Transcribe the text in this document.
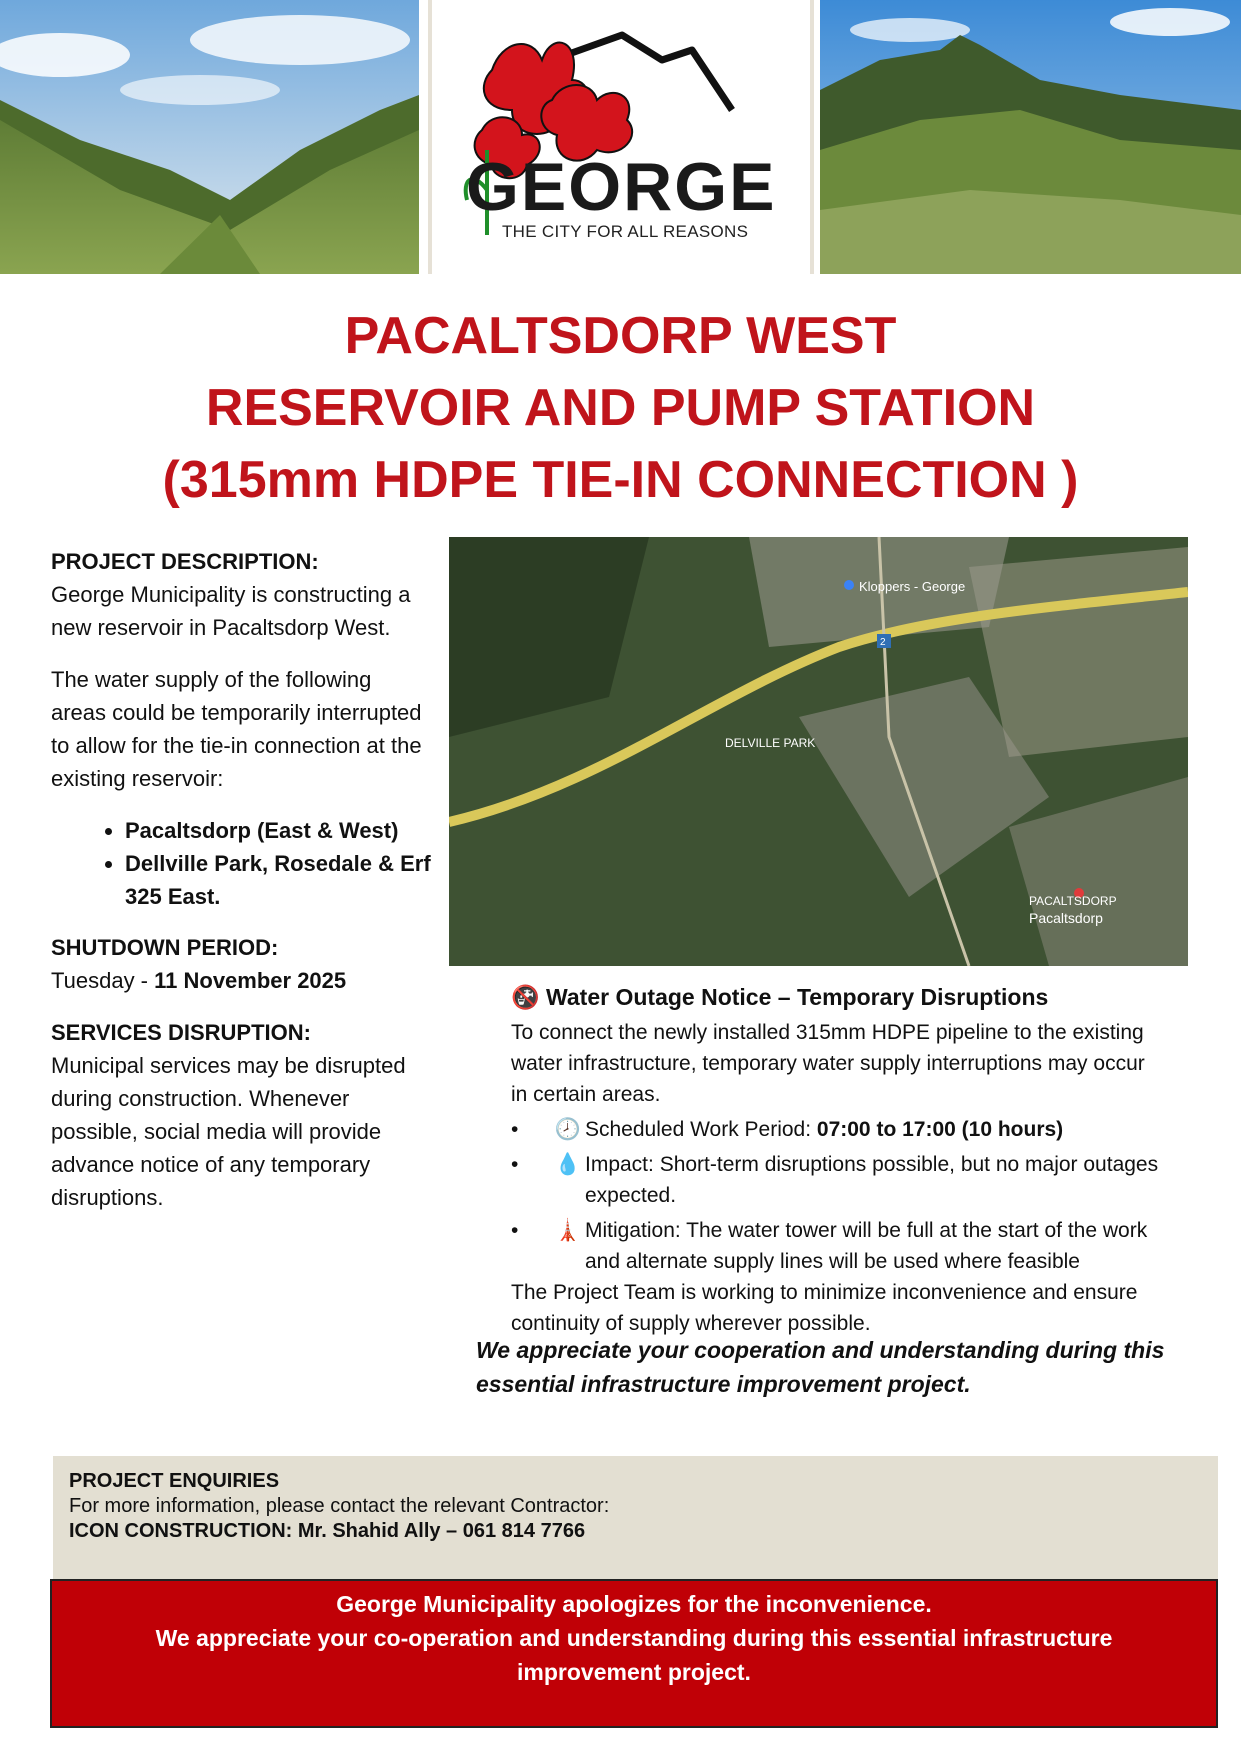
GEORGE
THE CITY FOR ALL REASONS
PACALTSDORP WEST
RESERVOIR AND PUMP STATION
(315mm HDPE TIE-IN CONNECTION )

PROJECT DESCRIPTION:
George Municipality is constructing a new reservoir in Pacaltsdorp West.

The water supply of the following areas could be temporarily interrupted to allow for the tie-in connection at the existing reservoir:

• Pacaltsdorp (East & West)
• Dellville Park, Rosedale & Erf 325 East.

SHUTDOWN PERIOD:
Tuesday - 11 November 2025

SERVICES DISRUPTION:
Municipal services may be disrupted during construction. Whenever possible, social media will provide advance notice of any temporary disruptions.

Kloppers - George
2
DELVILLE PARK
PACALTSDORP
Pacaltsdorp
🚱 Water Outage Notice – Temporary Disruptions

To connect the newly installed 315mm HDPE pipeline to the existing water infrastructure, temporary water supply interruptions may occur in certain areas.

•	🕗 Scheduled Work Period: 07:00 to 17:00 (10 hours)
•	💧 Impact: Short-term disruptions possible, but no major outages expected.
•	🗼 Mitigation: The water tower will be full at the start of the work and alternate supply lines will be used where feasible

The Project Team is working to minimize inconvenience and ensure continuity of supply wherever possible.

We appreciate your cooperation and understanding during this essential infrastructure improvement project.
PROJECT ENQUIRIES
For more information, please contact the relevant Contractor:
ICON CONSTRUCTION: Mr. Shahid Ally – 061 814 7766
George Municipality apologizes for the inconvenience.
We appreciate your co-operation and understanding during this essential infrastructure
improvement project.
